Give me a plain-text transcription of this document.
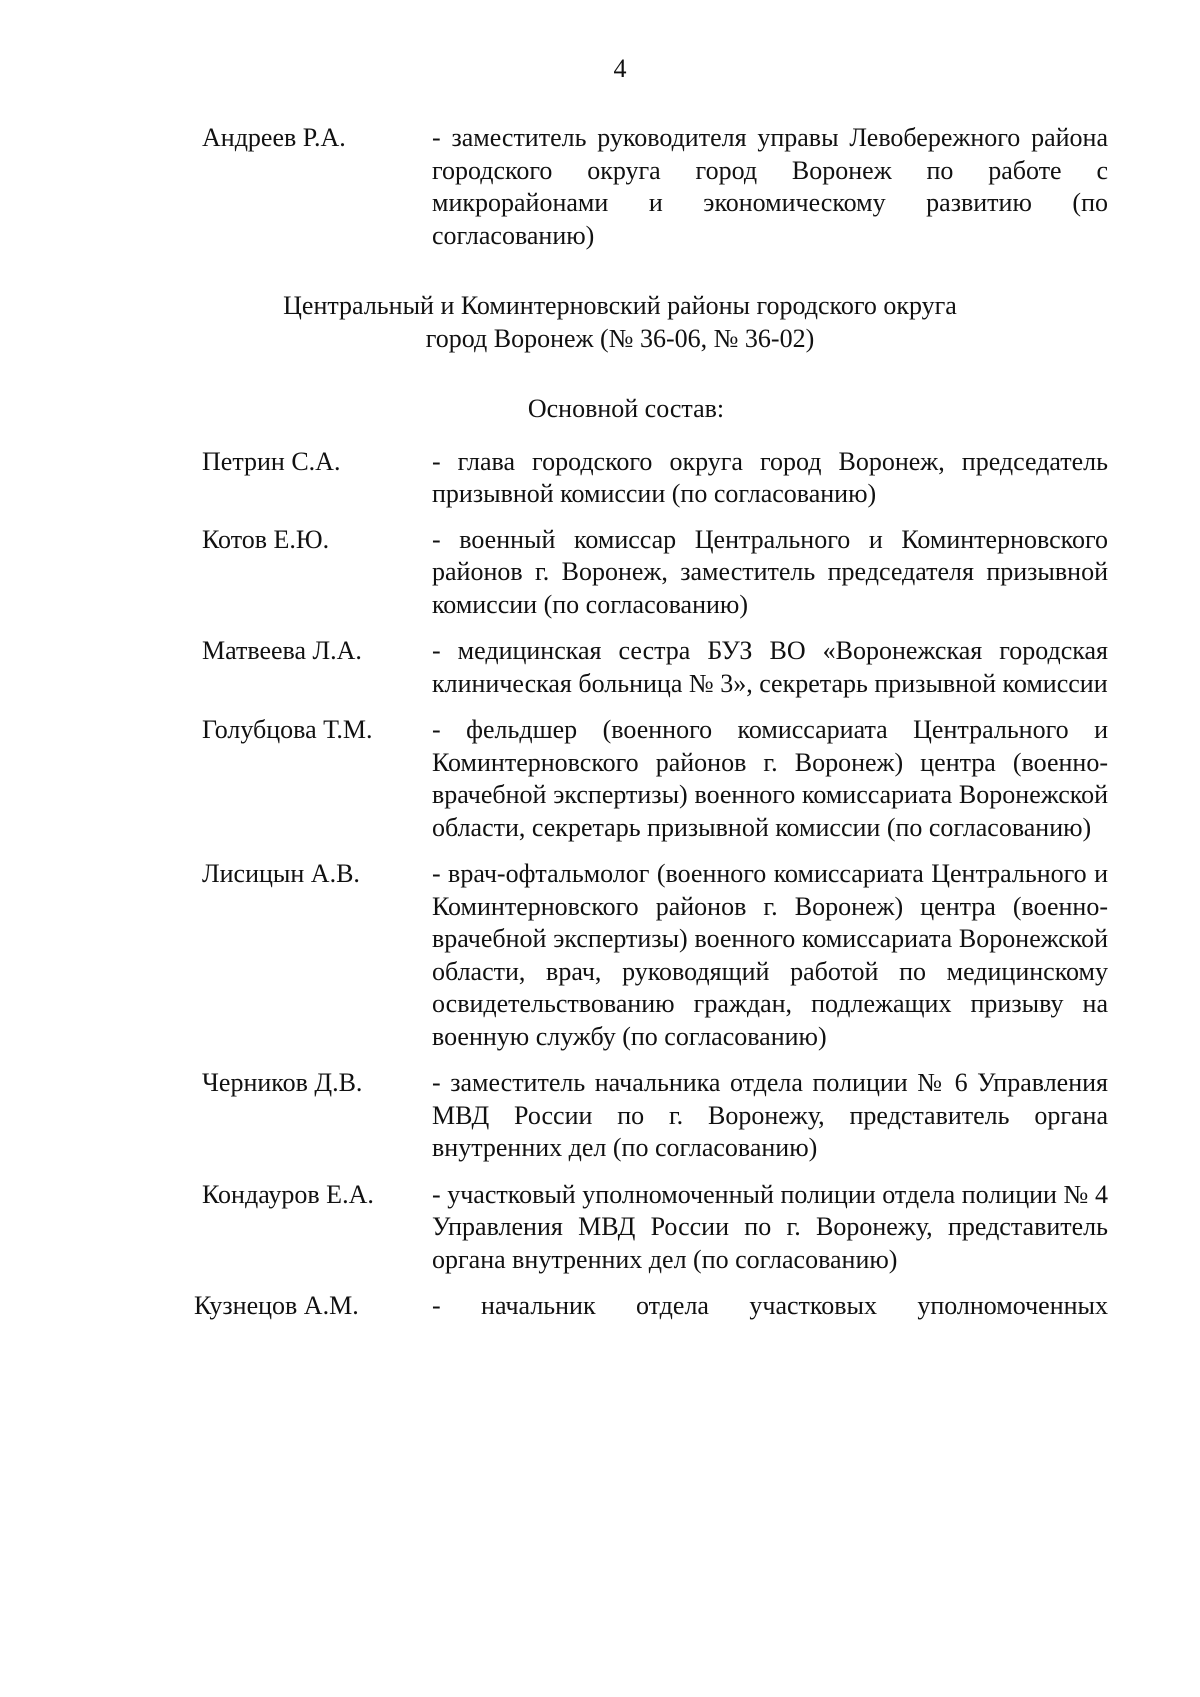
4
Андреев Р.А.	- заместитель руководителя управы Левобережного района городского округа город Воронеж по работе с микрорайонами и экономическому развитию (по согласованию)
Центральный и Коминтерновский районы городского округа
город Воронеж (№ 36-06, № 36-02)
Основной состав:
Петрин С.А.	- глава городского округа город Воронеж, председатель призывной комиссии (по согласованию)
Котов Е.Ю.	- военный комиссар Центрального и Коминтерновского районов г. Воронеж, заместитель председателя призывной комиссии (по согласованию)
Матвеева Л.А.	- медицинская сестра БУЗ ВО «Воронежская городская клиническая больница № 3», секретарь призывной комиссии
Голубцова Т.М. - фельдшер (военного комиссариата Центрального и Коминтерновского районов г. Воронеж) центра (военно-врачебной экспертизы) военного комиссариата Воронежской области, секретарь призывной комиссии (по согласованию)
Лисицын А.В.	- врач-офтальмолог (военного комиссариата Центрального и Коминтерновского районов г. Воронеж) центра (военно-врачебной экспертизы) военного комиссариата Воронежской области, врач, руководящий работой по медицинскому освидетельствованию граждан, подлежащих призыву на военную службу (по согласованию)
Черников Д.В.	- заместитель начальника отдела полиции № 6 Управления МВД России по г. Воронежу, представитель органа внутренних дел (по согласованию)
Кондауров Е.А. - участковый уполномоченный полиции отдела полиции № 4 Управления МВД России по г. Воронежу, представитель органа внутренних дел (по согласованию)
Кузнецов А.М.	- начальник отдела участковых уполномоченных
